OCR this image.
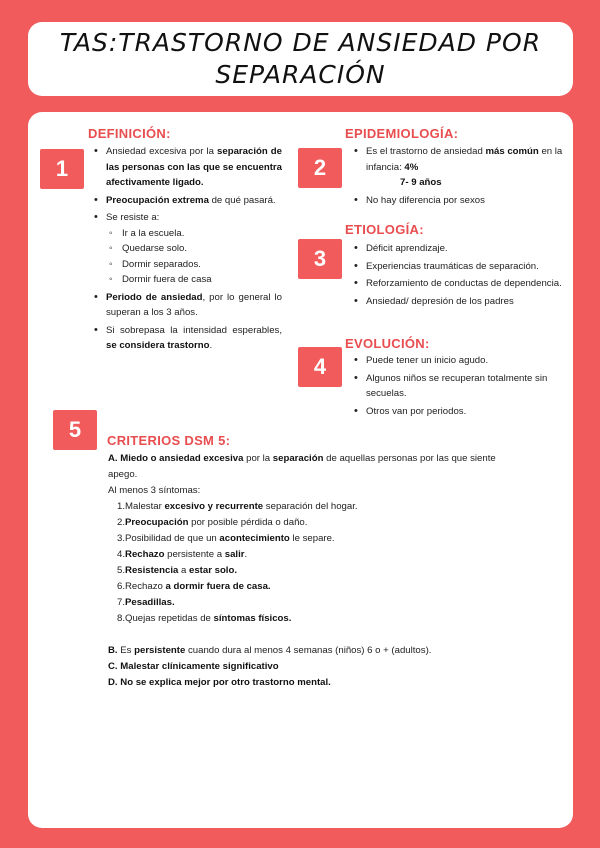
TAS:TRASTORNO DE ANSIEDAD POR
SEPARACIÓN
1
DEFINICIÓN:
• Ansiedad excesiva por la separación de las personas con las que se encuentra afectivamente ligado.
• Preocupación extrema de qué pasará.
• Se resiste a:
◦ Ir a la escuela.
◦ Quedarse solo.
◦ Dormir separados.
◦ Dormir fuera de casa
• Periodo de ansiedad, por lo general lo superan a los 3 años.
• Si sobrepasa la intensidad esperables, se considera trastorno.
2
EPIDEMIOLOGÍA:
• Es el trastorno de ansiedad más común en la infancia: 4%
7- 9 años
• No hay diferencia por sexos
3
ETIOLOGÍA:
• Déficit aprendizaje.
• Experiencias traumáticas de separación.
• Reforzamiento de conductas de dependencia.
• Ansiedad/ depresión de los padres
4
EVOLUCIÓN:
• Puede tener un inicio agudo.
• Algunos niños se recuperan totalmente sin secuelas.
• Otros van por periodos.
5	CRITERIOS DSM 5:
A. Miedo o ansiedad excesiva por la separación de aquellas personas por las que siente
apego.
Al menos 3 síntomas:
1.Malestar excesivo y recurrente separación del hogar.
2.Preocupación por posible pérdida o daño.
3.Posibilidad de que un acontecimiento le separe.
4.Rechazo persistente a salir.
5.Resistencia a estar solo.
6.Rechazo a dormir fuera de casa.
7.Pesadillas.
8.Quejas repetidas de síntomas físicos.
B. Es persistente cuando dura al menos 4 semanas (niños) 6 o + (adultos).
C. Malestar clínicamente significativo
D. No se explica mejor por otro trastorno mental.
